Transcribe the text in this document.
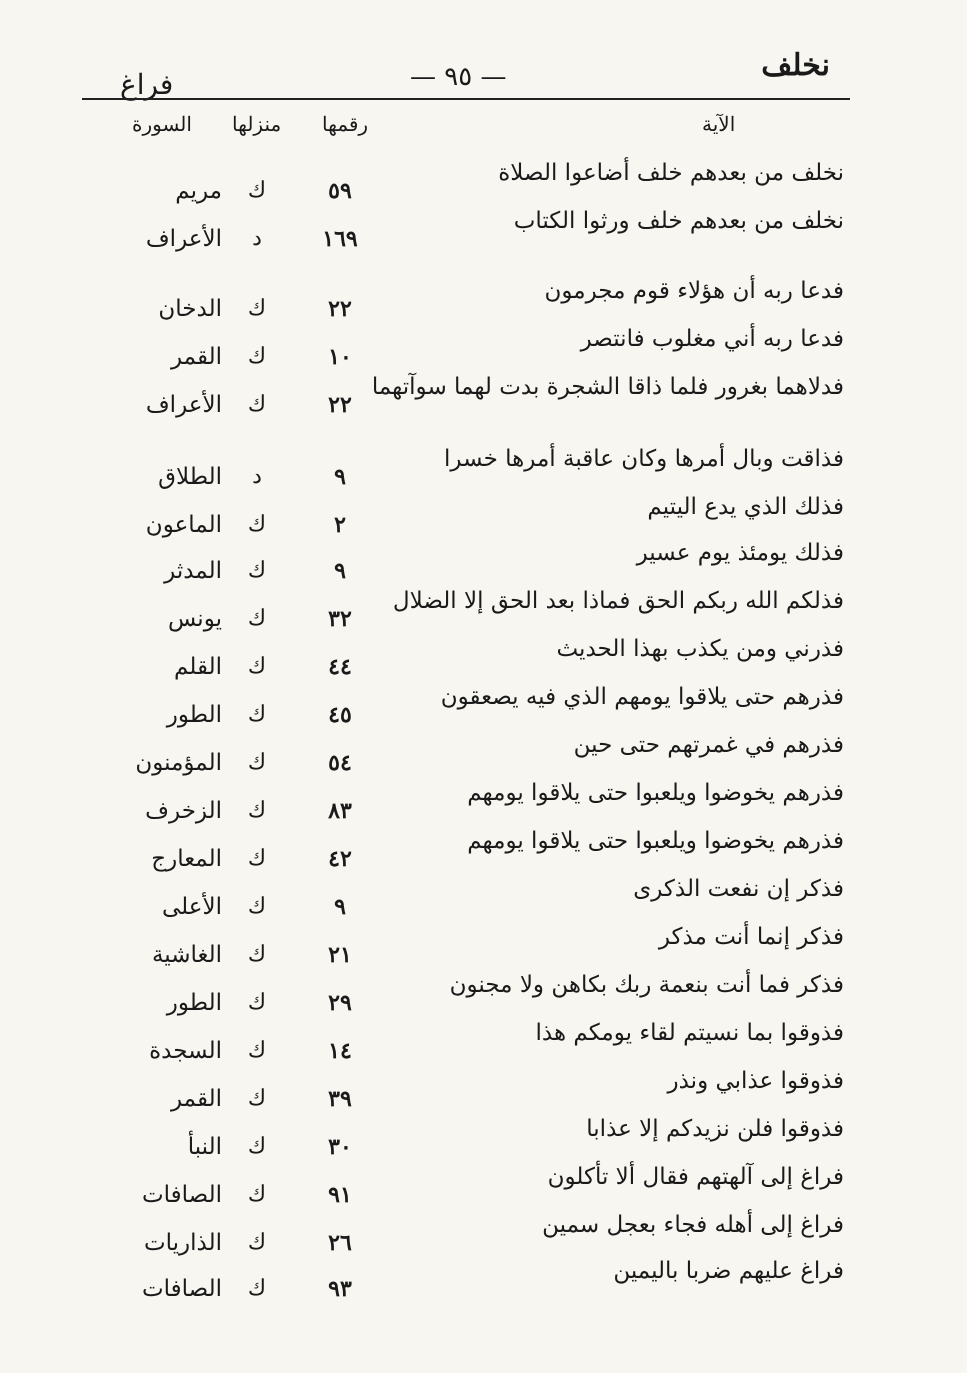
نخلف
— ٩٥ —
فراغ
الآية
رقمها
منزلها
السورة
نخلف من بعدهم خلف أضاعوا الصلاة
٥٩
ك
مريم
نخلف من بعدهم خلف ورثوا الكتاب
١٦٩
د
الأعراف
فدعا ربه أن هؤلاء قوم مجرمون
٢٢
ك
الدخان
فدعا ربه أني مغلوب فانتصر
١٠
ك
القمر
فدلاهما بغرور فلما ذاقا الشجرة بدت لهما سوآتهما
٢٢
ك
الأعراف
فذاقت وبال أمرها وكان عاقبة أمرها خسرا
٩
د
الطلاق
فذلك الذي يدع اليتيم
٢
ك
الماعون
فذلك يومئذ يوم عسير
٩
ك
المدثر
فذلكم الله ربكم الحق فماذا بعد الحق إلا الضلال
٣٢
ك
يونس
فذرني ومن يكذب بهذا الحديث
٤٤
ك
القلم
فذرهم حتى يلاقوا يومهم الذي فيه يصعقون
٤٥
ك
الطور
فذرهم في غمرتهم حتى حين
٥٤
ك
المؤمنون
فذرهم يخوضوا ويلعبوا حتى يلاقوا يومهم
٨٣
ك
الزخرف
فذرهم يخوضوا ويلعبوا حتى يلاقوا يومهم
٤٢
ك
المعارج
فذكر إن نفعت الذكرى
٩
ك
الأعلى
فذكر إنما أنت مذكر
٢١
ك
الغاشية
فذكر فما أنت بنعمة ربك بكاهن ولا مجنون
٢٩
ك
الطور
فذوقوا بما نسيتم لقاء يومكم هذا
١٤
ك
السجدة
فذوقوا عذابي ونذر
٣٩
ك
القمر
فذوقوا فلن نزيدكم إلا عذابا
٣٠
ك
النبأ
فراغ إلى آلهتهم فقال ألا تأكلون
٩١
ك
الصافات
فراغ إلى أهله فجاء بعجل سمين
٢٦
ك
الذاريات
فراغ عليهم ضربا باليمين
٩٣
ك
الصافات
